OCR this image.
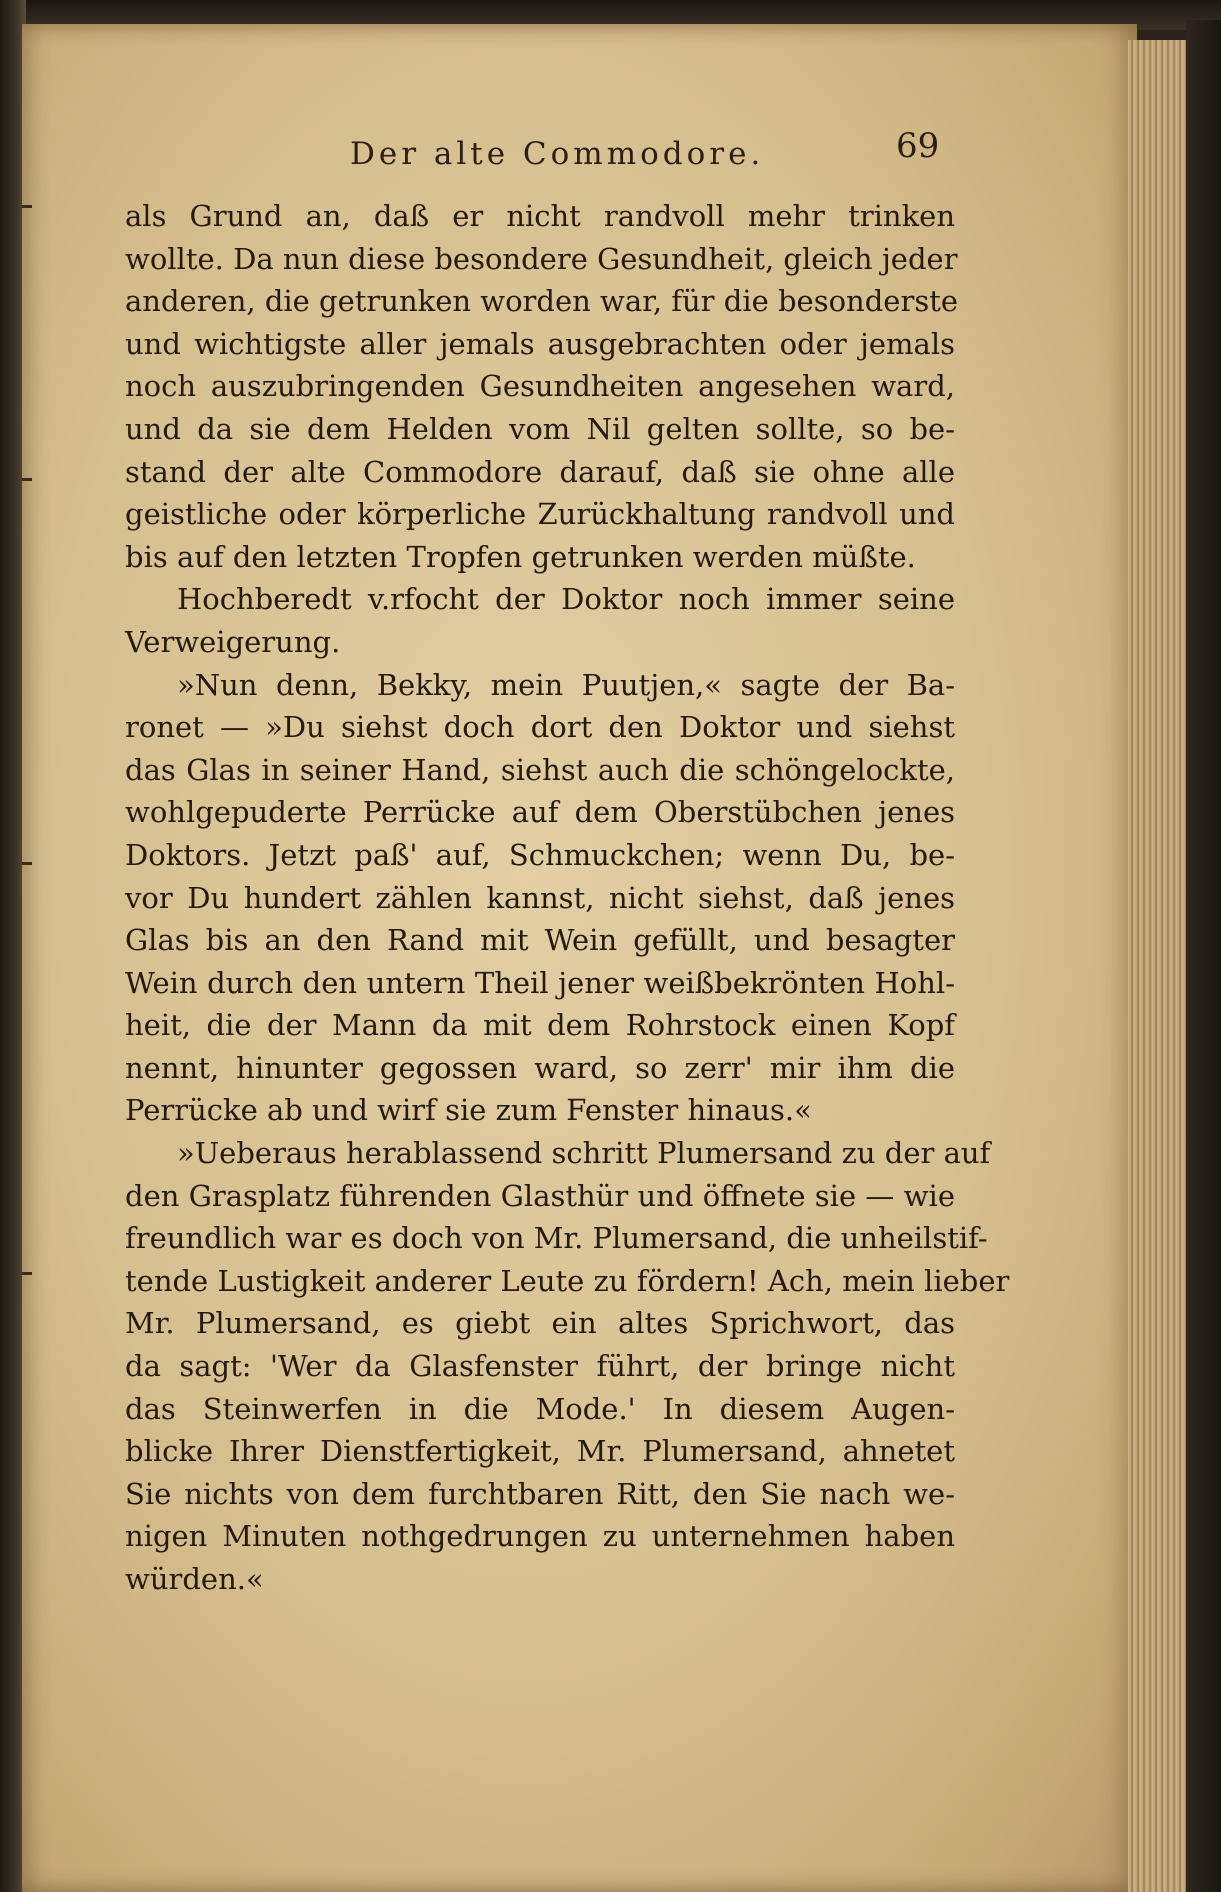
Der alte Commodore.	69
als Grund an, daß er nicht randvoll mehr trinken
wollte. Da nun diese besondere Gesundheit, gleich jeder
anderen, die getrunken worden war, für die besonderste
und wichtigste aller jemals ausgebrachten oder jemals
noch auszubringenden Gesundheiten angesehen ward,
und da sie dem Helden vom Nil gelten sollte, so be-
stand der alte Commodore darauf, daß sie ohne alle
geistliche oder körperliche Zurückhaltung randvoll und
bis auf den letzten Tropfen getrunken werden müßte.
Hochberedt v.rfocht der Doktor noch immer seine
Verweigerung.
»Nun denn, Bekky, mein Puutjen,« sagte der Ba-
ronet — »Du siehst doch dort den Doktor und siehst
das Glas in seiner Hand, siehst auch die schöngelockte,
wohlgepuderte Perrücke auf dem Oberstübchen jenes
Doktors. Jetzt paß' auf, Schmuckchen; wenn Du, be-
vor Du hundert zählen kannst, nicht siehst, daß jenes
Glas bis an den Rand mit Wein gefüllt, und besagter
Wein durch den untern Theil jener weißbekrönten Hohl-
heit, die der Mann da mit dem Rohrstock einen Kopf
nennt, hinunter gegossen ward, so zerr' mir ihm die
Perrücke ab und wirf sie zum Fenster hinaus.«
»Ueberaus herablassend schritt Plumersand zu der auf
den Grasplatz führenden Glasthür und öffnete sie — wie
freundlich war es doch von Mr. Plumersand, die unheilstif-
tende Lustigkeit anderer Leute zu fördern! Ach, mein lieber
Mr. Plumersand, es giebt ein altes Sprichwort, das
da sagt: 'Wer da Glasfenster führt, der bringe nicht
das Steinwerfen in die Mode.' In diesem Augen-
blicke Ihrer Dienstfertigkeit, Mr. Plumersand, ahnetet
Sie nichts von dem furchtbaren Ritt, den Sie nach we-
nigen Minuten nothgedrungen zu unternehmen haben
würden.«
